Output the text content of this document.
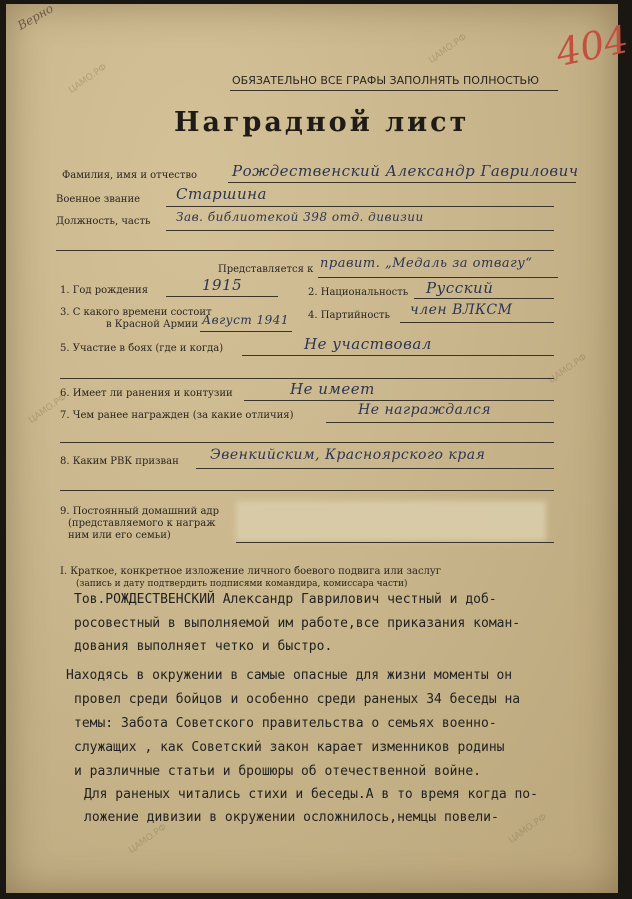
Верно	404
ЦАМО.РФ
ЦАМО.РФ
ЦАМО.РФ
ЦАМО.РФ
ЦАМО.РФ	ЦАМО.РФ
ОБЯЗАТЕЛЬНО ВСЕ ГРАФЫ ЗАПОЛНЯТЬ ПОЛНОСТЬЮ
Наградной лист
Фамилия, имя и отчество Рождественский Александр Гаврилович
Военное звание Старшина
Должность, часть Зав. библиотекой 398 отд. дивизии
Представляется к правит. „Медаль за отвагу“
1. Год рождения	1915	2. Национальность Русский
3. С какого времени состоит
в Красной Армии Август 1941 4. Партийность член ВЛКСМ
5. Участие в боях (где и когда)	Не участвовал
6. Имеет ли ранения и контузии	Не имеет
7. Чем ранее награжден (за какие отличия)	Не награждался
8. Каким РВК призван Эвенкийским, Красноярского края
9. Постоянный домашний адр
(представляемого к награж
ним или его семьи)
I. Краткое, конкретное изложение личного боевого подвига или заслуг
(запись и дату подтвердить подписями командира, комиссара части)
Тов.РОЖДЕСТВЕНСКИЙ Александр Гаврилович честный и доб-
росовестный в выполняемой им работе,все приказания коман-
дования выполняет четко и быстро.
Находясь в окружении в самые опасные для жизни моменты он
провел среди бойцов и особенно среди раненых 34 беседы на
темы: Забота Советского правительства о семьях военно-
служащих , как Советский закон карает изменников родины
и различные статьи и брошюры об отечественной войне.
Для раненых читались стихи и беседы.А в то время когда по-
ложение дивизии в окружении осложнилось,немцы повели-
